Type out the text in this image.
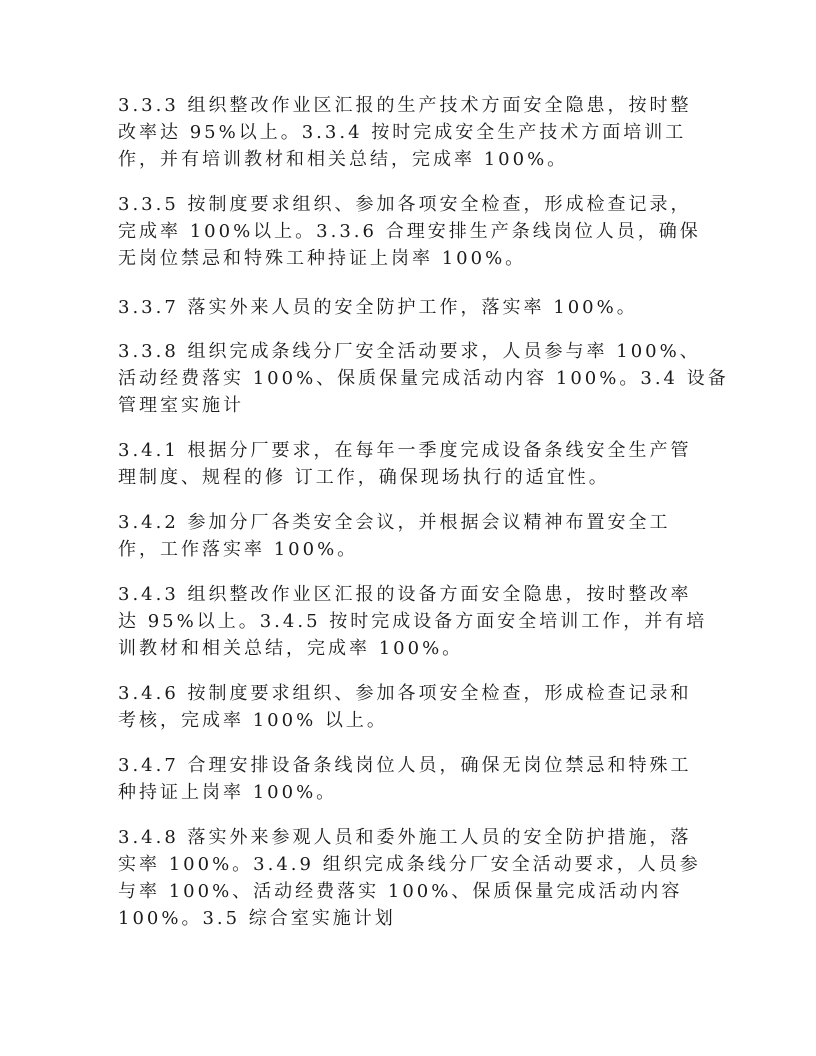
3.3.3 组织整改作业区汇报的生产技术方面安全隐患，按时整
改率达 95%以上。3.3.4 按时完成安全生产技术方面培训工
作，并有培训教材和相关总结，完成率 100%。
3.3.5 按制度要求组织、参加各项安全检查，形成检查记录，
完成率 100%以上。3.3.6 合理安排生产条线岗位人员，确保
无岗位禁忌和特殊工种持证上岗率 100%。
3.3.7 落实外来人员的安全防护工作，落实率 100%。
3.3.8 组织完成条线分厂安全活动要求，人员参与率 100%、
活动经费落实 100%、保质保量完成活动内容 100%。3.4 设备
管理室实施计
3.4.1 根据分厂要求，在每年一季度完成设备条线安全生产管
理制度、规程的修 订工作，确保现场执行的适宜性。
3.4.2 参加分厂各类安全会议，并根据会议精神布置安全工
作，工作落实率 100%。
3.4.3 组织整改作业区汇报的设备方面安全隐患，按时整改率
达 95%以上。3.4.5 按时完成设备方面安全培训工作，并有培
训教材和相关总结，完成率 100%。
3.4.6 按制度要求组织、参加各项安全检查，形成检查记录和
考核，完成率 100% 以上。
3.4.7 合理安排设备条线岗位人员，确保无岗位禁忌和特殊工
种持证上岗率 100%。
3.4.8 落实外来参观人员和委外施工人员的安全防护措施，落
实率 100%。3.4.9 组织完成条线分厂安全活动要求，人员参
与率 100%、活动经费落实 100%、保质保量完成活动内容
100%。3.5 综合室实施计划
